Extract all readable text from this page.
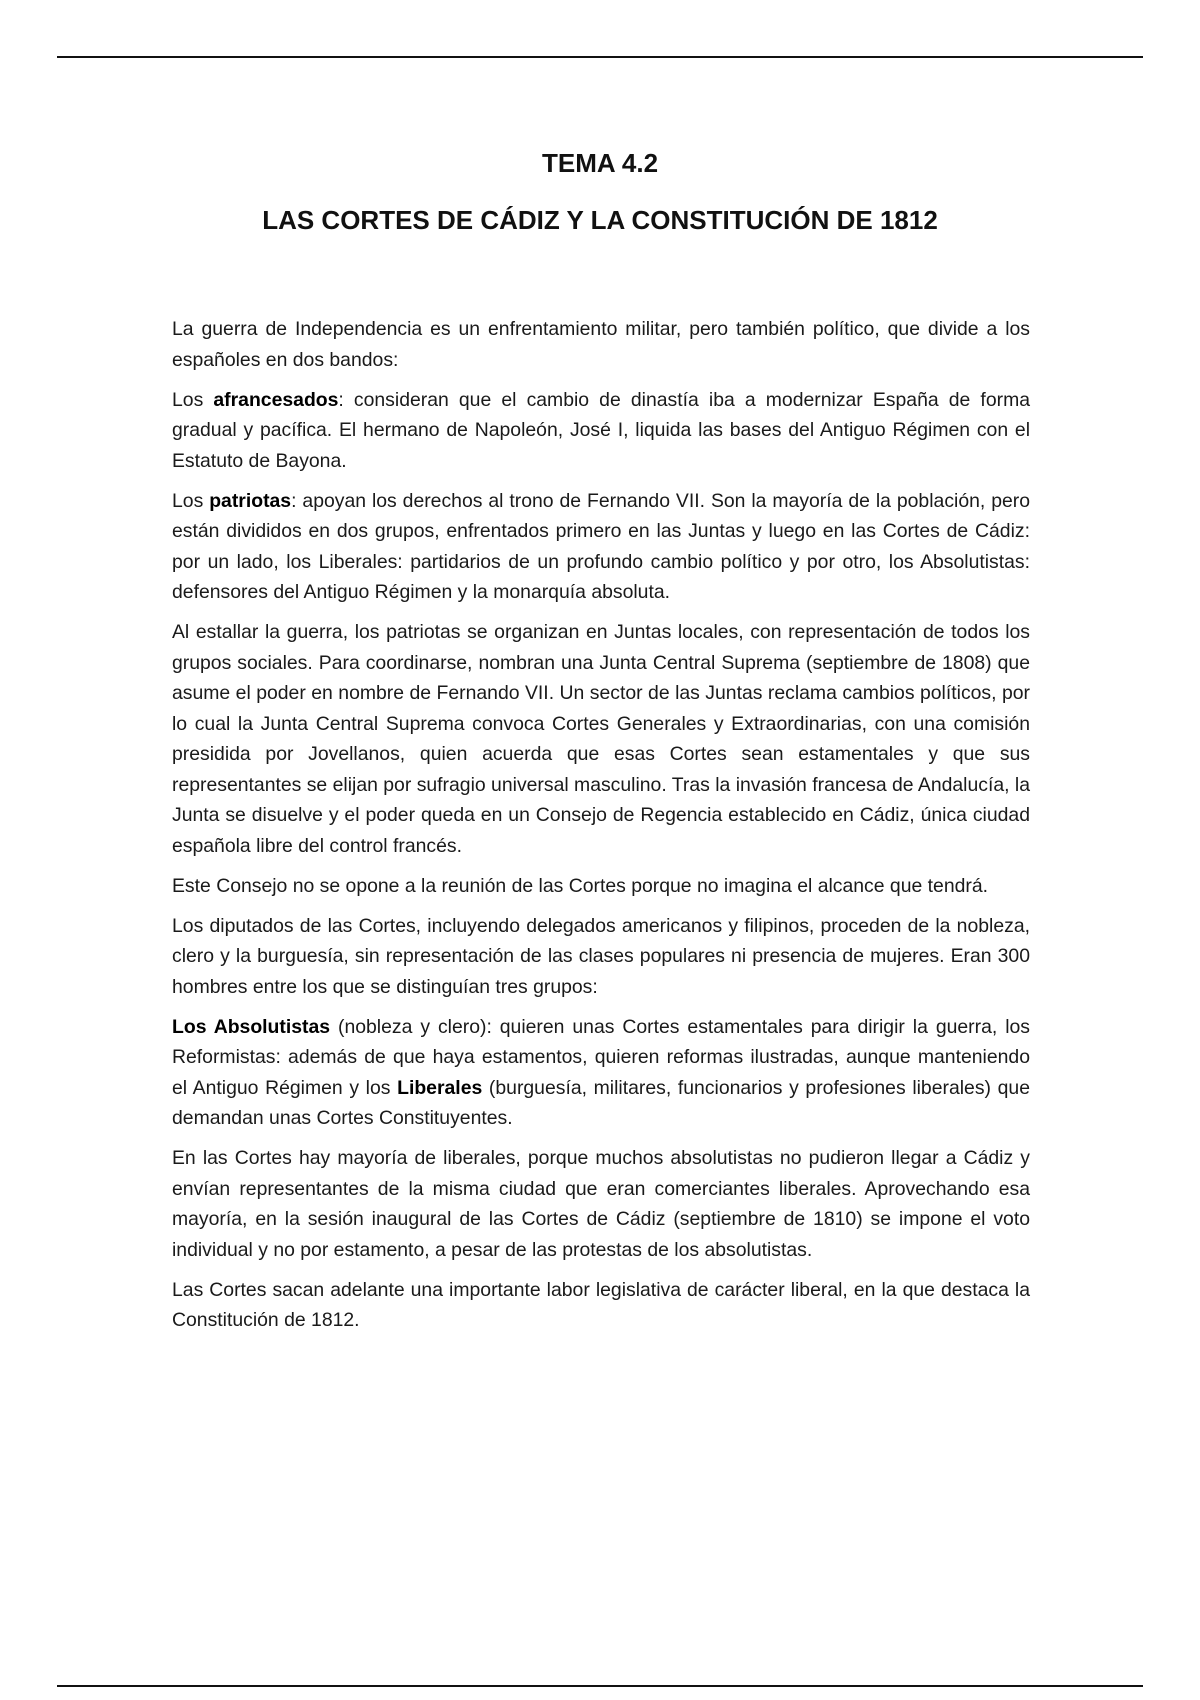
TEMA 4.2
LAS CORTES DE CÁDIZ Y LA CONSTITUCIÓN DE 1812

La guerra de Independencia es un enfrentamiento militar, pero también político, que divide a los españoles en dos bandos:

Los afrancesados: consideran que el cambio de dinastía iba a modernizar España de forma gradual y pacífica. El hermano de Napoleón, José I, liquida las bases del Antiguo Régimen con el Estatuto de Bayona.

Los patriotas: apoyan los derechos al trono de Fernando VII. Son la mayoría de la población, pero están divididos en dos grupos, enfrentados primero en las Juntas y luego en las Cortes de Cádiz: por un lado, los Liberales: partidarios de un profundo cambio político y por otro, los Absolutistas: defensores del Antiguo Régimen y la monarquía absoluta.

Al estallar la guerra, los patriotas se organizan en Juntas locales, con representación de todos los grupos sociales. Para coordinarse, nombran una Junta Central Suprema (septiembre de 1808) que asume el poder en nombre de Fernando VII. Un sector de las Juntas reclama cambios políticos, por lo cual la Junta Central Suprema convoca Cortes Generales y Extraordinarias, con una comisión presidida por Jovellanos, quien acuerda que esas Cortes sean estamentales y que sus representantes se elijan por sufragio universal masculino. Tras la invasión francesa de Andalucía, la Junta se disuelve y el poder queda en un Consejo de Regencia establecido en Cádiz, única ciudad española libre del control francés.

Este Consejo no se opone a la reunión de las Cortes porque no imagina el alcance que tendrá.

Los diputados de las Cortes, incluyendo delegados americanos y filipinos, proceden de la nobleza, clero y la burguesía, sin representación de las clases populares ni presencia de mujeres. Eran 300 hombres entre los que se distinguían tres grupos:

Los Absolutistas (nobleza y clero): quieren unas Cortes estamentales para dirigir la guerra, los Reformistas: además de que haya estamentos, quieren reformas ilustradas, aunque manteniendo el Antiguo Régimen y los Liberales (burguesía, militares, funcionarios y profesiones liberales) que demandan unas Cortes Constituyentes.

En las Cortes hay mayoría de liberales, porque muchos absolutistas no pudieron llegar a Cádiz y envían representantes de la misma ciudad que eran comerciantes liberales. Aprovechando esa mayoría, en la sesión inaugural de las Cortes de Cádiz (septiembre de 1810) se impone el voto individual y no por estamento, a pesar de las protestas de los absolutistas.

Las Cortes sacan adelante una importante labor legislativa de carácter liberal, en la que destaca la Constitución de 1812.
